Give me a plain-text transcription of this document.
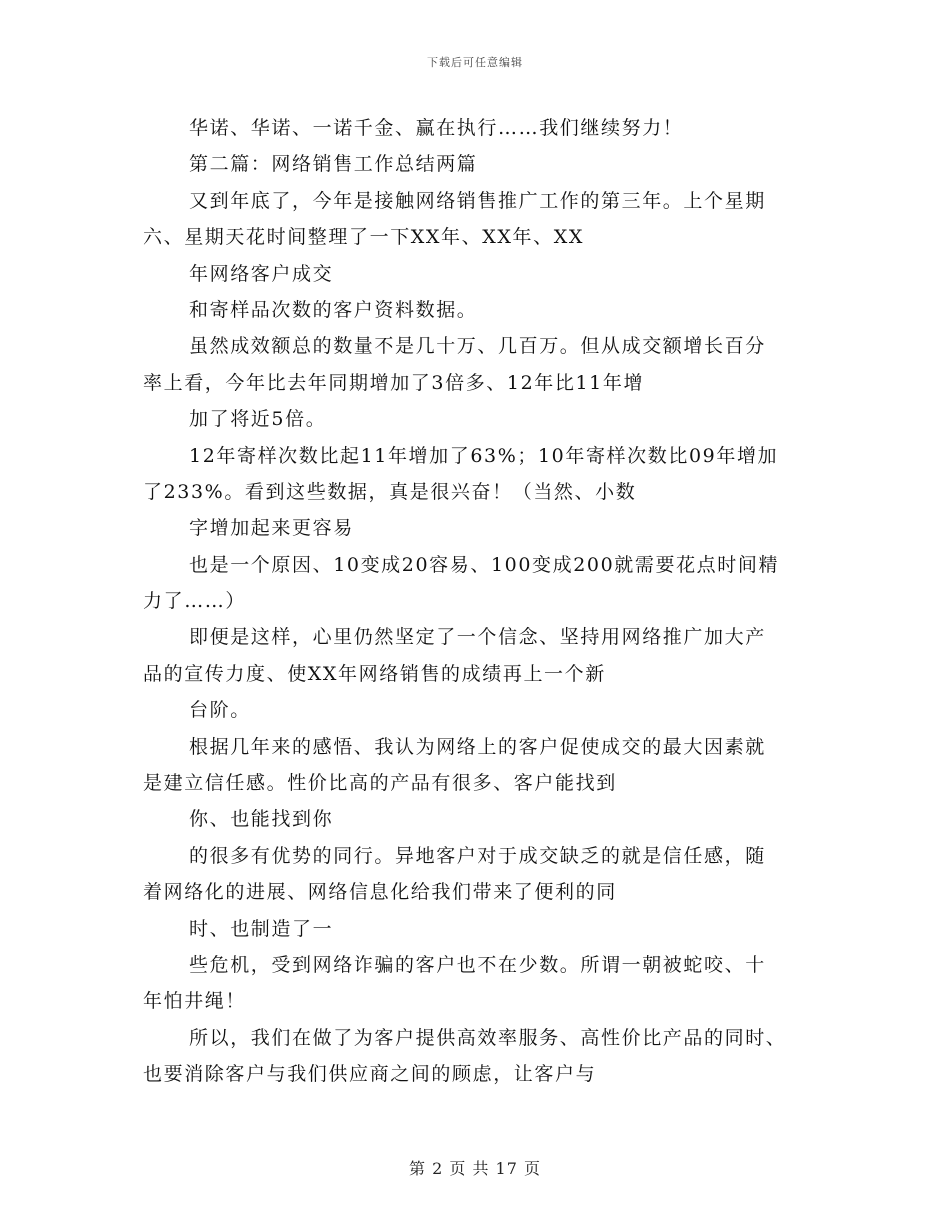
下载后可任意编辑
华诺、华诺、一诺千金、赢在执行……我们继续努力！
第二篇：网络销售工作总结两篇
又到年底了，今年是接触网络销售推广工作的第三年。上个星期
六、星期天花时间整理了一下XX年、XX年、XX
年网络客户成交
和寄样品次数的客户资料数据。
虽然成效额总的数量不是几十万、几百万。但从成交额增长百分
率上看，今年比去年同期增加了3倍多、12年比11年增
加了将近5倍。
12年寄样次数比起11年增加了63%；10年寄样次数比09年增加
了233%。看到这些数据，真是很兴奋！（当然、小数
字增加起来更容易
也是一个原因、10变成20容易、100变成200就需要花点时间精
力了……）
即便是这样，心里仍然坚定了一个信念、坚持用网络推广加大产
品的宣传力度、使XX年网络销售的成绩再上一个新
台阶。
根据几年来的感悟、我认为网络上的客户促使成交的最大因素就
是建立信任感。性价比高的产品有很多、客户能找到
你、也能找到你
的很多有优势的同行。异地客户对于成交缺乏的就是信任感，随
着网络化的进展、网络信息化给我们带来了便利的同
时、也制造了一
些危机，受到网络诈骗的客户也不在少数。所谓一朝被蛇咬、十
年怕井绳！
所以，我们在做了为客户提供高效率服务、高性价比产品的同时、
也要消除客户与我们供应商之间的顾虑，让客户与
第 2 页 共 17 页
